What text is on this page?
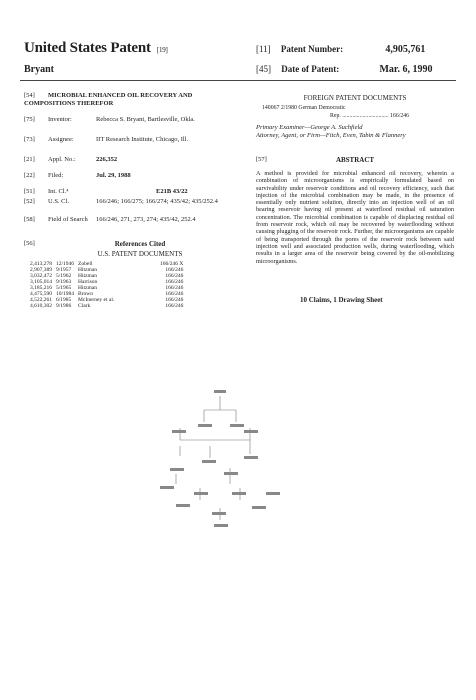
United States Patent [19]
Bryant
[11] Patent Number:	4,905,761
[45] Date of Patent:	Mar. 6, 1990
[54] MICROBIAL ENHANCED OIL RECOVERY AND COMPOSITIONS THEREFOR
[75] Inventor:	Rebecca S. Bryant, Bartlesville, Okla.
[73] Assignee:	IIT Research Institute, Chicago, Ill.
[21] Appl. No.:	226,352
[22] Filed:	Jul. 29, 1988
[51] Int. Cl.⁴	E21B 43/22
[52] U.S. Cl.	166/246; 166/275; 166/274; 435/42; 435/252.4
[58] Field of Search 166/246, 271, 273, 274; 435/42, 252.4
[56]	References Cited
U.S. PATENT DOCUMENTS
2,413,278	12/1946	Zobell	166/246 X
2,907,389	9/1957	Hitzman	166/246
3,032,472	5/1962	Hitzman	166/246
3,105,014	9/1963	Harrison	166/246
3,185,216	5/1965	Hitzman	166/246
4,475,590	10/1984	Brown	166/246
4,522,261	6/1985	McInerney et al.	166/246
4,610,302	9/1986	Clark	166/246
FOREIGN PATENT DOCUMENTS
140067 2/1980 German Democratic
Rep. ................................ 166/246
Primary Examiner—George A. Suchfield
Attorney, Agent, or Firm—Fitch, Even, Tabin & Flannery
[57]	ABSTRACT
A method is provided for microbial enhanced oil recovery, wherein a combination of microorganisms is empirically formulated based on survivability under reservoir conditions and oil recovery efficiency, such that injection of the microbial combination may be made, in the presence of essentially only nutrient solution, directly into an injection well of an oil bearing reservoir having oil present at waterflood residual oil saturation concentration. The microbial combination is capable of displacing residual oil from reservoir rock, which oil may be recovered by waterflooding without causing plugging of the reservoir rock. Further, the microorganisms are capable of being transported through the pores of the reservoir rock between said injection well and associated production wells, during waterflooding, which results in a larger area of the reservoir being covered by the oil-mobilizing microorganisms.
10 Claims, 1 Drawing Sheet
